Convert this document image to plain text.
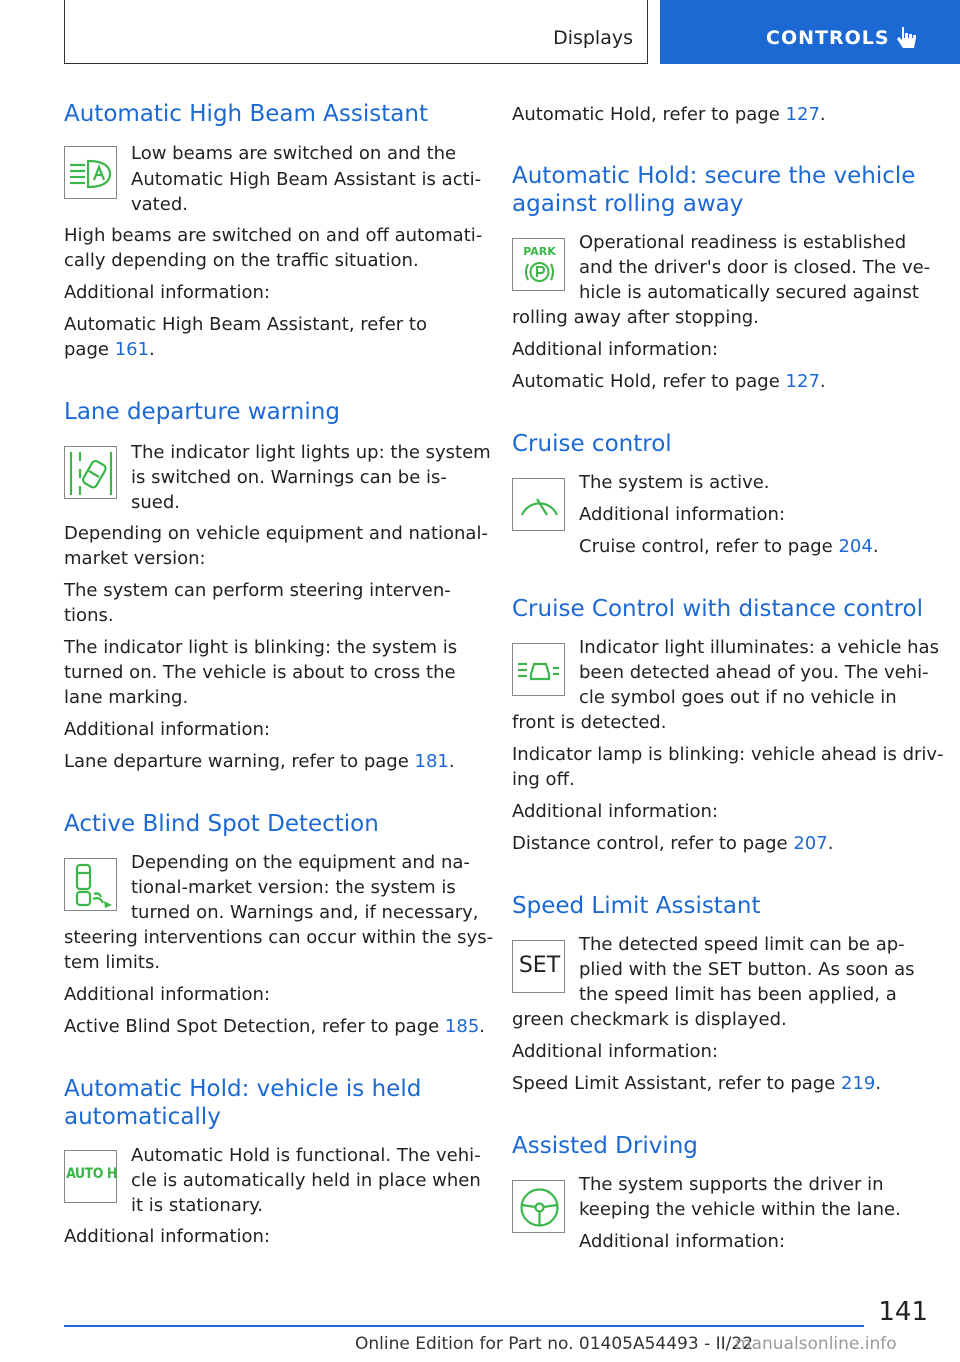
Displays	CONTROLS
Automatic High Beam Assistant

Low beams are switched on and the

Automatic High Beam Assistant is acti‐

vated.

High beams are switched on and off automati‐

cally depending on the traffic situation.

Additional information:

Automatic High Beam Assistant, refer to

page 161.

Lane departure warning

The indicator light lights up: the system

is switched on. Warnings can be is‐

sued.

Depending on vehicle equipment and national-

market version:

The system can perform steering interven‐

tions.

The indicator light is blinking: the system is

turned on. The vehicle is about to cross the

lane marking.

Additional information:

Lane departure warning, refer to page 181.

Active Blind Spot Detection

Depending on the equipment and na‐

tional-market version: the system is

turned on. Warnings and, if necessary,

steering interventions can occur within the sys‐

tem limits.

Additional information:

Active Blind Spot Detection, refer to page 185.

Automatic Hold: vehicle is held
automatically
AUTO H

Automatic Hold is functional. The vehi‐

cle is automatically held in place when

it is stationary.

Additional information:

Automatic Hold, refer to page 127.

Automatic Hold: secure the vehicle
against rolling away
PARK	Operational readiness is established

and the driver's door is closed. The ve‐

hicle is automatically secured against

rolling away after stopping.

Additional information:

Automatic Hold, refer to page 127.

Cruise control

The system is active.

Additional information:

Cruise control, refer to page 204.

Cruise Control with distance control

Indicator light illuminates: a vehicle has

been detected ahead of you. The vehi‐

cle symbol goes out if no vehicle in

front is detected.

Indicator lamp is blinking: vehicle ahead is driv‐

ing off.

Additional information:

Distance control, refer to page 207.

Speed Limit Assistant
SET

The detected speed limit can be ap‐

plied with the SET button. As soon as

the speed limit has been applied, a

green checkmark is displayed.

Additional information:

Speed Limit Assistant, refer to page 219.

Assisted Driving

The system supports the driver in

keeping the vehicle within the lane.

Additional information:

141
Online Edition for Part no. 01405A54493 - II/22
manualsonline.info
